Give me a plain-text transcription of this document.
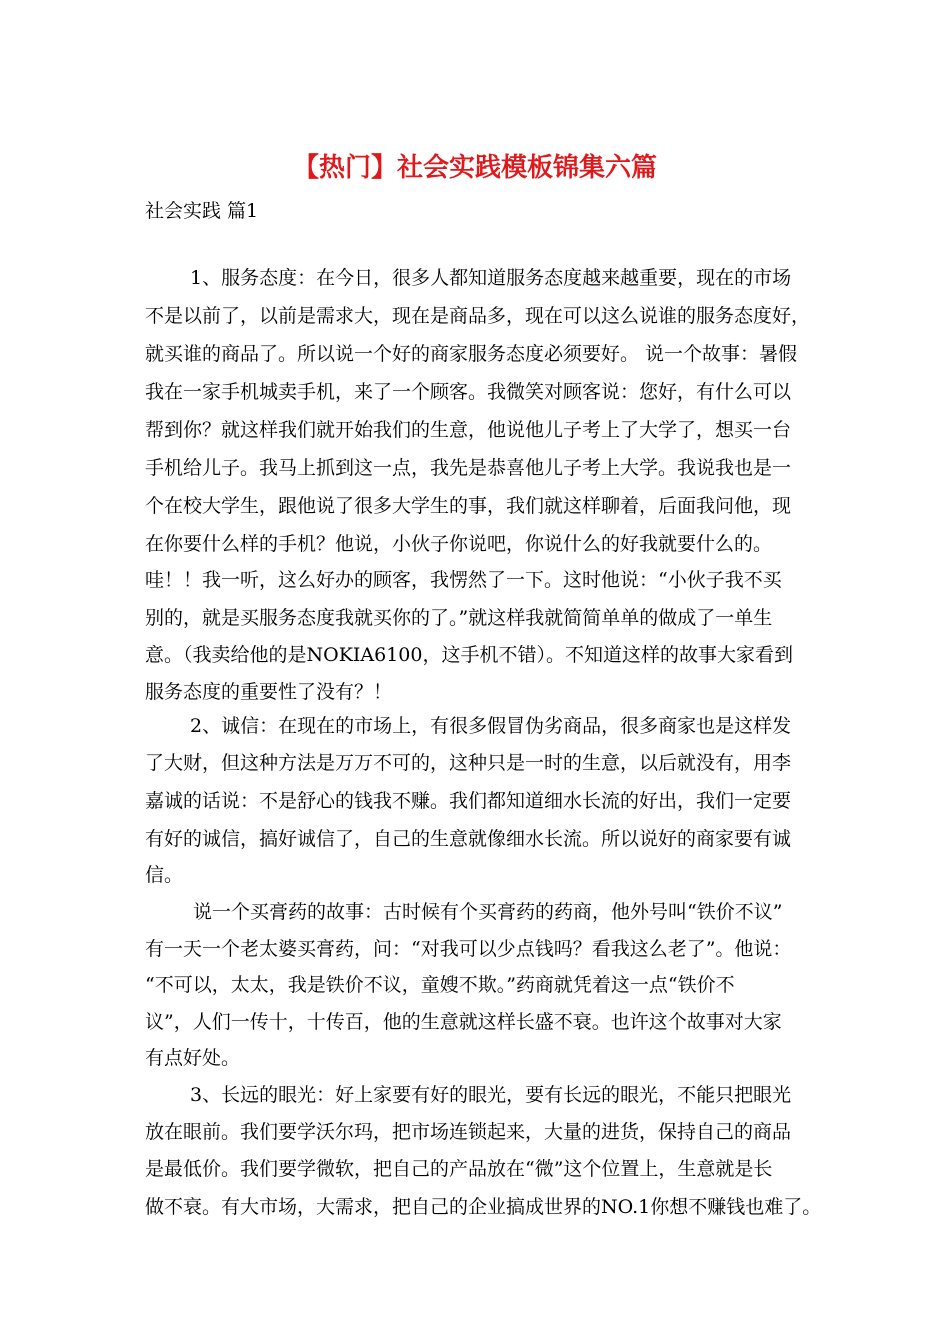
【热门】社会实践模板锦集六篇
社会实践 篇1
1、服务态度：在今日，很多人都知道服务态度越来越重要，现在的市场
不是以前了，以前是需求大，现在是商品多，现在可以这么说谁的服务态度好，
就买谁的商品了。所以说一个好的商家服务态度必须要好。 说一个故事：暑假
我在一家手机城卖手机，来了一个顾客。我微笑对顾客说：您好，有什么可以
帮到你？就这样我们就开始我们的生意，他说他儿子考上了大学了，想买一台
手机给儿子。我马上抓到这一点，我先是恭喜他儿子考上大学。我说我也是一
个在校大学生，跟他说了很多大学生的事，我们就这样聊着，后面我问他，现
在你要什么样的手机？他说，小伙子你说吧，你说什么的好我就要什么的。
哇！！我一听，这么好办的顾客，我愣然了一下。这时他说：“小伙子我不买
别的，就是买服务态度我就买你的了。”就这样我就简简单单的做成了一单生
意。（我卖给他的是NOKIA6100，这手机不错）。不知道这样的故事大家看到
服务态度的重要性了没有？！
2、诚信：在现在的市场上，有很多假冒伪劣商品，很多商家也是这样发
了大财，但这种方法是万万不可的，这种只是一时的生意，以后就没有，用李
嘉诚的话说：不是舒心的钱我不赚。我们都知道细水长流的好出，我们一定要
有好的诚信，搞好诚信了，自己的生意就像细水长流。所以说好的商家要有诚
信。
说一个买膏药的故事：古时候有个买膏药的药商，他外号叫“铁价不议”
有一天一个老太婆买膏药，问：“对我可以少点钱吗？看我这么老了”。他说：
“不可以，太太，我是铁价不议，童嫂不欺。”药商就凭着这一点“铁价不
议”，人们一传十，十传百，他的生意就这样长盛不衰。也许这个故事对大家
有点好处。
3、长远的眼光：好上家要有好的眼光，要有长远的眼光，不能只把眼光
放在眼前。我们要学沃尔玛，把市场连锁起来，大量的进货，保持自己的商品
是最低价。我们要学微软，把自己的产品放在“微”这个位置上，生意就是长
做不衰。有大市场，大需求，把自己的企业搞成世界的NO.1你想不赚钱也难了。
